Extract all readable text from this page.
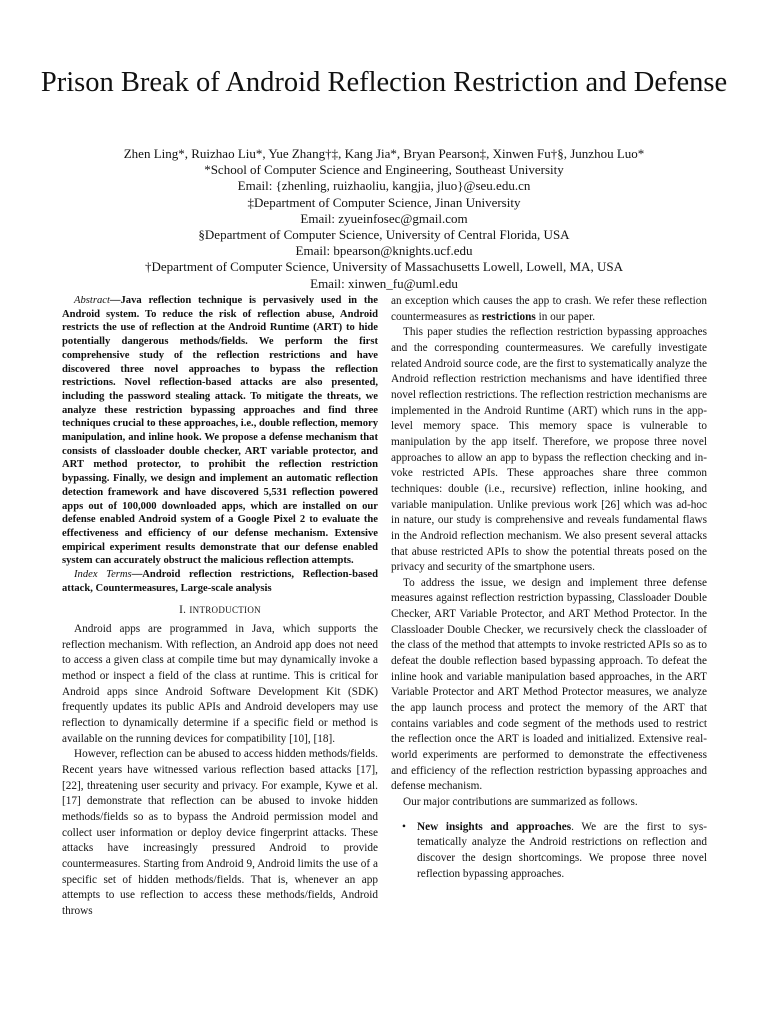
Prison Break of Android Reflection Restriction and Defense
Zhen Ling*, Ruizhao Liu*, Yue Zhang†‡, Kang Jia*, Bryan Pearson‡, Xinwen Fu†§, Junzhou Luo*
*School of Computer Science and Engineering, Southeast University
Email: {zhenling, ruizhaoliu, kangjia, jluo}@seu.edu.cn
‡Department of Computer Science, Jinan University
Email: zyueinfosec@gmail.com
§Department of Computer Science, University of Central Florida, USA
Email: bpearson@knights.ucf.edu
†Department of Computer Science, University of Massachusetts Lowell, Lowell, MA, USA
Email: xinwen_fu@uml.edu

Abstract—Java reflection technique is pervasively used in the Android system. To reduce the risk of reflection abuse, Android restricts the use of reflection at the Android Runtime (ART) to hide potentially dangerous methods/fields. We perform the first comprehensive study of the reflection restrictions and have discovered three novel approaches to bypass the reflection restrictions. Novel reflection-based attacks are also presented, including the password stealing attack. To mitigate the threats, we analyze these restriction bypassing approaches and find three techniques crucial to these approaches, i.e., double reflection, memory manipulation, and inline hook. We propose a defense mechanism that consists of classloader double checker, ART variable protector, and ART method protector, to prohibit the reflection restriction bypassing. Finally, we design and implement an automatic reflection detection framework and have discovered 5,531 reflection powered apps out of 100,000 downloaded apps, which are installed on our defense enabled Android system of a Google Pixel 2 to evaluate the effectiveness and efficiency of our defense mechanism. Extensive empirical experiment results demonstrate that our defense enabled system can accurately obstruct the malicious reflection attempts.

Index Terms—Android reflection restrictions, Reflection-based attack, Countermeasures, Large-scale analysis

I. INTRODUCTION

Android apps are programmed in Java, which supports the reflection mechanism. With reflection, an Android app does not need to access a given class at compile time but may dynamically invoke a method or inspect a field of the class at runtime. This is critical for Android apps since Android Software Development Kit (SDK) frequently updates its public APIs and Android developers may use reflection to dynamically determine if a specific field or method is available on the running devices for compatibility [10], [18].

However, reflection can be abused to access hidden methods/fields. Recent years have witnessed various reflection based attacks [17], [22], threatening user security and privacy. For example, Kywe et al. [17] demonstrate that reflection can be abused to invoke hidden methods/fields so as to bypass the Android permission model and collect user information or deploy device fingerprint attacks. These attacks have increasingly pressured Android to provide countermeasures. Starting from Android 9, Android limits the use of a specific set of hidden methods/fields. That is, whenever an app attempts to use reflection to access these methods/fields, Android throws

an exception which causes the app to crash. We refer these reflection countermeasures as restrictions in our paper.

This paper studies the reflection restriction bypassing approaches and the corresponding countermeasures. We carefully investigate related Android source code, are the first to systematically analyze the Android reflection restriction mechanisms and have identified three novel reflection restrictions. The reflection restriction mechanisms are implemented in the Android Runtime (ART) which runs in the app-level memory space. This memory space is vulnerable to manipulation by the app itself. Therefore, we propose three novel approaches to allow an app to bypass the reflection checking and invoke restricted APIs. These approaches share three common techniques: double (i.e., recursive) reflection, inline hooking, and variable manipulation. Unlike previous work [26] which was ad-hoc in nature, our study is comprehensive and reveals fundamental flaws in the Android reflection mechanism. We also present several attacks that abuse restricted APIs to show the potential threats posed on the privacy and security of the smartphone users.

To address the issue, we design and implement three defense measures against reflection restriction bypassing, Classloader Double Checker, ART Variable Protector, and ART Method Protector. In the Classloader Double Checker, we recursively check the classloader of the class of the method that attempts to invoke restricted APIs so as to defeat the double reflection based bypassing approach. To defeat the inline hook and variable manipulation based approaches, in the ART Variable Protector and ART Method Protector measures, we analyze the app launch process and protect the memory of the ART that contains variables and code segment of the methods used to restrict the reflection once the ART is loaded and initialized. Extensive real-world experiments are performed to demonstrate the effectiveness and efficiency of the reflection restriction bypassing approaches and defense mechanism.

Our major contributions are summarized as follows.

• New insights and approaches. We are the first to systematically analyze the Android restrictions on reflection and discover the design shortcomings. We propose three novel reflection bypassing approaches.
